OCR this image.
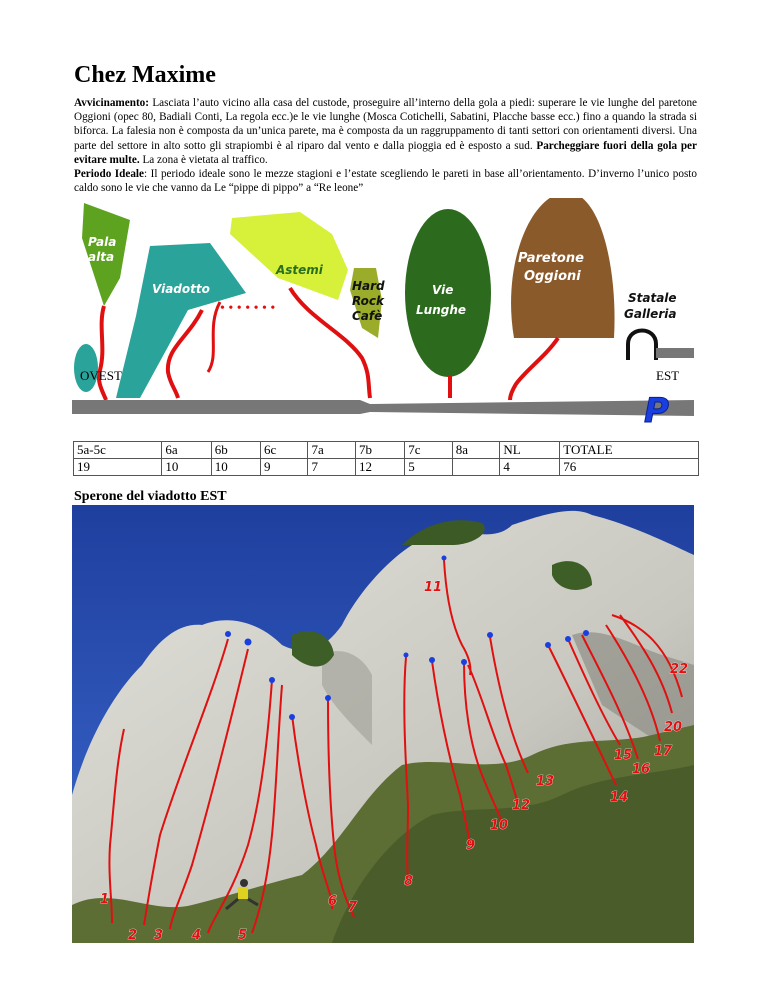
Chez Maxime
Avvicinamento: Lasciata l’auto vicino alla casa del custode, proseguire all’interno della gola a piedi: superare le vie lunghe del paretone Oggioni (opec 80, Badiali Conti, La regola ecc.)e le vie lunghe (Mosca Cotichelli, Sabatini, Placche basse ecc.) fino a quando la strada si biforca. La falesia non è composta da un’unica parete, ma è composta da un raggruppamento di tanti settori con orientamenti diversi. Una parte del settore in alto sotto gli strapiombi è al riparo dal vento e dalla pioggia ed è esposto a sud. Parcheggiare fuori della gola per evitare multe. La zona è vietata al traffico.
Periodo Ideale: Il periodo ideale sono le mezze stagioni e l’estate scegliendo le pareti in base all’orientamento. D’inverno l’unico posto caldo sono le vie che vanno da Le “pippe di pippo” a “Re leone”
Pala
alta
Viadotto
• • • • • • •
Astemi
Hard
Rock
Cafè
Vie
Lunghe
Paretone
Oggioni
Statale
Galleria
OVEST	EST
P
5a-5c	6a	6b	6c	7a	7b	7c	8a	NL	TOTALE
19	10	10	9	7	12	5		4	76
Sperone del viadotto EST
1
2 3 4	5
6 7
8
9
10
11
12
13
14
15
16
17
20
22
